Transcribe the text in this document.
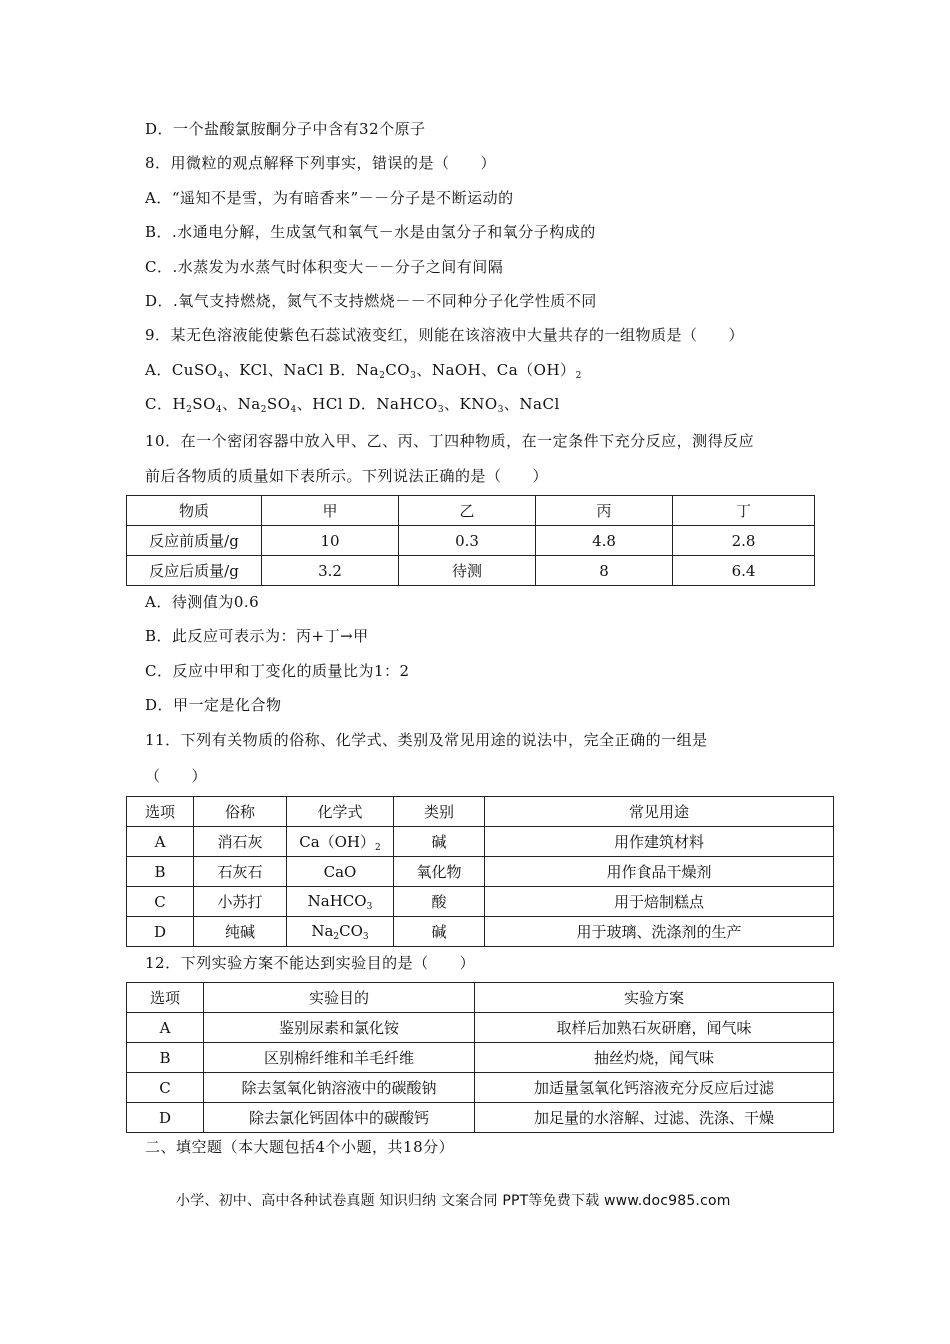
D．一个盐酸氯胺酮分子中含有32个原子
8．用微粒的观点解释下列事实，错误的是（　　）
A．“遥知不是雪，为有暗香来”－－分子是不断运动的
B．.水通电分解，生成氢气和氧气－水是由氢分子和氧分子构成的
C．.水蒸发为水蒸气时体积变大－－分子之间有间隔
D．.氧气支持燃烧，氮气不支持燃烧－－不同种分子化学性质不同
9．某无色溶液能使紫色石蕊试液变红，则能在该溶液中大量共存的一组物质是（　　）
A．CuSO$_4$、KCl、NaCl B．$Na_2CO_3$、NaOH、$Ca(OH)_2$
C．$H_2SO_4$、$Na_2SO_4$、HCl D．NaHCO$_3$、$KNO_3$、NaCl
10．在一个密闭容器中放入甲、乙、丙、丁四种物质，在一定条件下充分反应，测得反应
前后各物质的质量如下表所示。下列说法正确的是（　　）
物质	甲	乙	丙	丁
反应前质量/g	10	0.3	4.8	2.8
反应后质量/g	3.2	待测	8	6.4
A．待测值为0.6
B．此反应可表示为：丙+丁→甲
C．反应中甲和丁变化的质量比为1：2
D．甲一定是化合物
11．下列有关物质的俗称、化学式、类别及常见用途的说法中，完全正确的一组是
（　　）
选项	俗称	化学式	类别	常见用途
A	消石灰	$Ca(OH)_2$	碱	用作建筑材料
B	石灰石	CaO	氧化物	用作食品干燥剂
C	小苏打	NaHCO$_3$	酸	用于焙制糕点
D	纯碱	$Na_2CO_3$	碱	用于玻璃、洗涤剂的生产
12．下列实验方案不能达到实验目的是（　　）
选项	实验目的	实验方案
A	鉴别尿素和氯化铵	取样后加熟石灰研磨，闻气味
B	区别棉纤维和羊毛纤维	抽丝灼烧，闻气味
C	除去氢氧化钠溶液中的碳酸钠	加适量氢氧化钙溶液充分反应后过滤
D	除去氯化钙固体中的碳酸钙	加足量的水溶解、过滤、洗涤、干燥
二、填空题（本大题包括4个小题，共18分）
小学、初中、高中各种试卷真题 知识归纳 文案合同 PPT等免费下载 www.doc985.com
